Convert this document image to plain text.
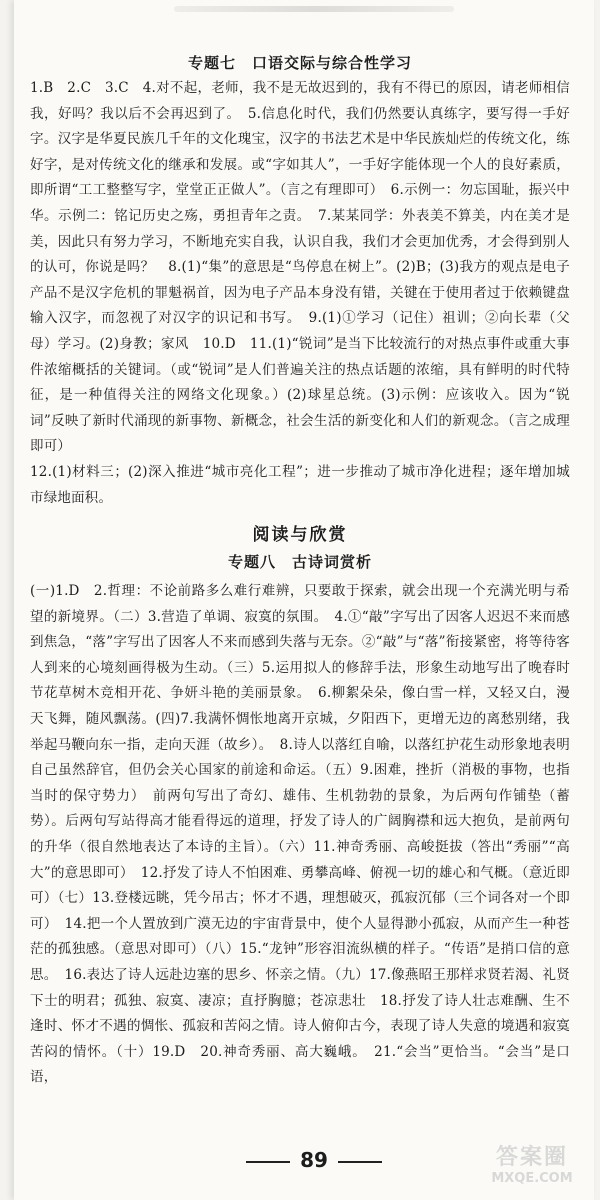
专题七　口语交际与综合性学习

1.B　2.C　3.C　4.对不起，老师，我不是无故迟到的，我有不得已的原因，请老师相信我，好吗？我以后不会再迟到了。　5.信息化时代，我们仍然要认真练字，要写得一手好字。汉字是华夏民族几千年的文化瑰宝，汉字的书法艺术是中华民族灿烂的传统文化，练好字，是对传统文化的继承和发展。或“字如其人”，一手好字能体现一个人的良好素质，即所谓“工工整整写字，堂堂正正做人”。（言之有理即可）　6.示例一：勿忘国耻，振兴中华。示例二：铭记历史之殇，勇担青年之责。　7.某某同学：外表美不算美，内在美才是美，因此只有努力学习，不断地充实自我，认识自我，我们才会更加优秀，才会得到别人的认可，你说是吗？　8.(1)“集”的意思是“鸟停息在树上”。(2)B；(3)我方的观点是电子产品不是汉字危机的罪魁祸首，因为电子产品本身没有错，关键在于使用者过于依赖键盘输入汉字，而忽视了对汉字的识记和书写。　9.(1)①学习（记住）祖训；②向长辈（父母）学习。(2)身教；家风　10.D　11.(1)“锐词”是当下比较流行的对热点事件或重大事件浓缩概括的关键词。（或“锐词”是人们普遍关注的热点话题的浓缩，具有鲜明的时代特征，是一种值得关注的网络文化现象。）(2)球星总统。(3)示例：应该收入。因为“锐词”反映了新时代涌现的新事物、新概念，社会生活的新变化和人们的新观念。（言之成理即可）

12.(1)材料三；(2)深入推进“城市亮化工程”；进一步推动了城市净化进程；逐年增加城市绿地面积。

阅读与欣赏
专题八　古诗词赏析

(一)1.D　2.哲理：不论前路多么难行难辨，只要敢于探索，就会出现一个充满光明与希望的新境界。（二）3.营造了单调、寂寞的氛围。　4.①“敲”字写出了因客人迟迟不来而感到焦急，“落”字写出了因客人不来而感到失落与无奈。②“敲”与“落”衔接紧密，将等待客人到来的心境刻画得极为生动。（三）5.运用拟人的修辞手法，形象生动地写出了晚春时节花草树木竞相开花、争妍斗艳的美丽景象。　6.柳絮朵朵，像白雪一样，又轻又白，漫天飞舞，随风飘荡。(四)7.我满怀惆怅地离开京城，夕阳西下，更增无边的离愁别绪，我举起马鞭向东一指，走向天涯（故乡）。　8.诗人以落红自喻，以落红护花生动形象地表明自己虽然辞官，但仍会关心国家的前途和命运。（五）9.困难，挫折（消极的事物，也指当时的保守势力）　前两句写出了奇幻、雄伟、生机勃勃的景象，为后两句作铺垫（蓄势）。后两句写站得高才能看得远的道理，抒发了诗人的广阔胸襟和远大抱负，是前两句的升华（很自然地表达了本诗的主旨）。（六）11.神奇秀丽、高峻挺拔（答出“秀丽”“高大”的意思即可）　12.抒发了诗人不怕困难、勇攀高峰、俯视一切的雄心和气概。（意近即可）（七）13.登楼远眺，凭今吊古；怀才不遇，理想破灭，孤寂沉郁（三个词各对一个即可）　14.把一个人置放到广漠无边的宇宙背景中，使个人显得渺小孤寂，从而产生一种苍茫的孤独感。（意思对即可）（八）15.“龙钟”形容泪流纵横的样子。“传语”是捎口信的意思。　16.表达了诗人远赴边塞的思乡、怀亲之情。（九）17.像燕昭王那样求贤若渴、礼贤下士的明君；孤独、寂寞、凄凉；直抒胸臆；苍凉悲壮　18.抒发了诗人壮志难酬、生不逢时、怀才不遇的惆怅、孤寂和苦闷之情。诗人俯仰古今，表现了诗人失意的境遇和寂寞苦闷的情怀。（十）19.D　20.神奇秀丽、高大巍峨。　21.“会当”更恰当。“会当”是口语，

89	答案圈
MXQE.COM
